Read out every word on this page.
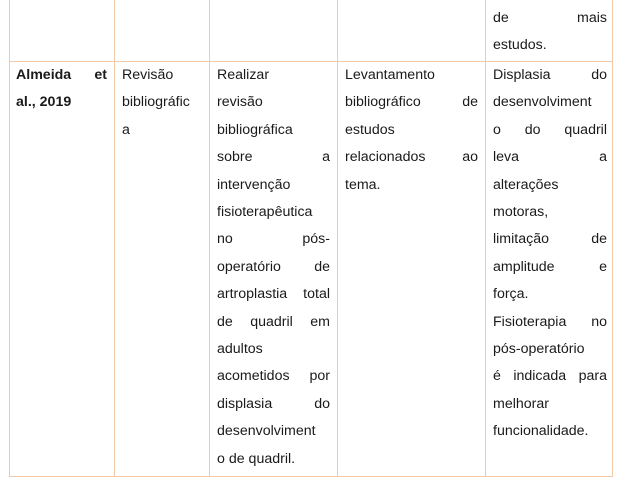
de mais
estudos.
Almeida et
al., 2019
Revisão
bibliográfic
a
Realizar
revisão
bibliográfica
sobre a
intervenção
fisioterapêutica
no pós-
operatório de
artroplastia total
de quadril em
adultos
acometidos por
displasia do
desenvolviment
o de quadril.
Levantamento
bibliográfico de
estudos
relacionados ao
tema.
Displasia do
desenvolviment
o do quadril
leva a
alterações
motoras,
limitação de
amplitude e
força.
Fisioterapia no
pós-operatório
é indicada para
melhorar
funcionalidade.
